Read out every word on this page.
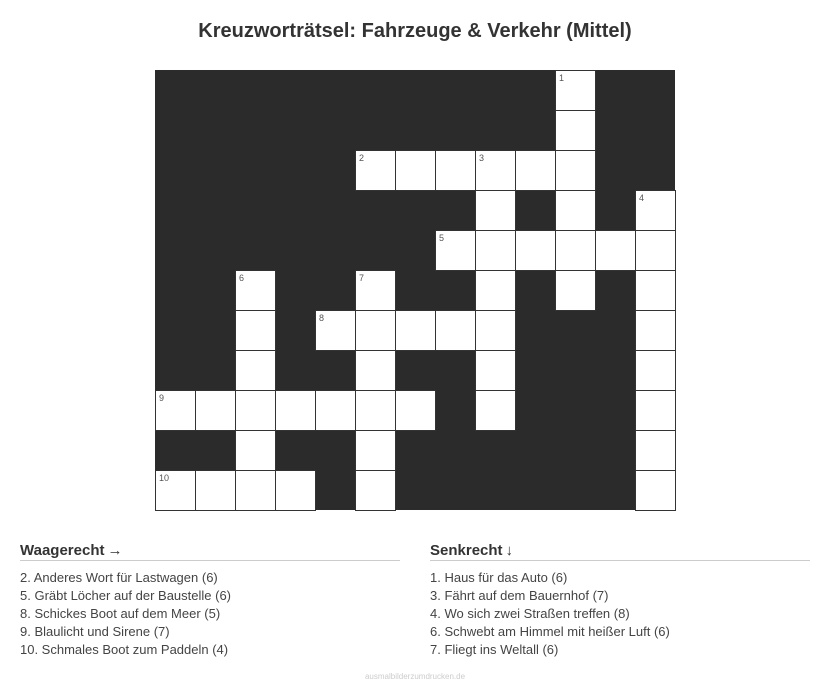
Kreuzworträtsel: Fahrzeuge & Verkehr (Mittel)
1
2	3
4
5
6	7
8
9
10
Waagerecht →
2. Anderes Wort für Lastwagen (6)
5. Gräbt Löcher auf der Baustelle (6)
8. Schickes Boot auf dem Meer (5)
9. Blaulicht und Sirene (7)
10. Schmales Boot zum Paddeln (4)
Senkrecht ↓
1. Haus für das Auto (6)
3. Fährt auf dem Bauernhof (7)
4. Wo sich zwei Straßen treffen (8)
6. Schwebt am Himmel mit heißer Luft (6)
7. Fliegt ins Weltall (6)
ausmalbilderzumdrucken.de
